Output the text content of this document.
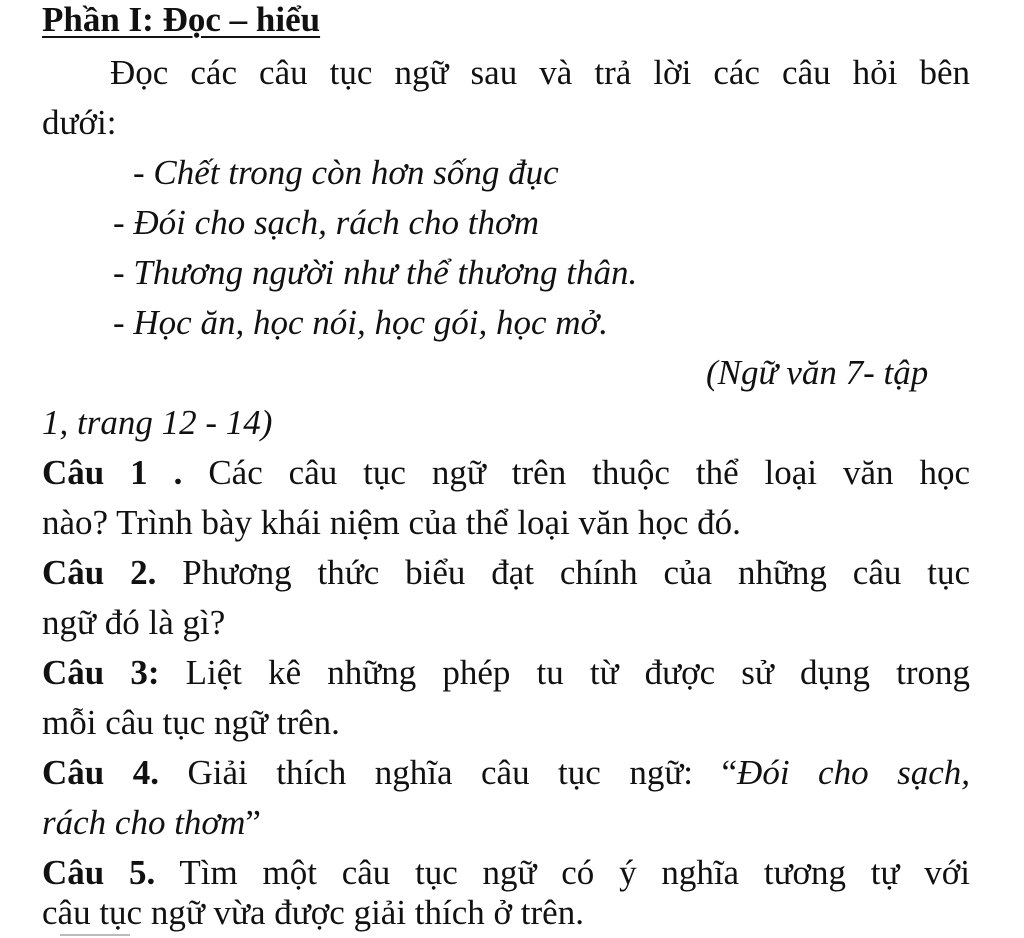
Phần I: Đọc – hiểu
Đọc các câu tục ngữ sau và trả lời các câu hỏi bên
dưới:
- Chết trong còn hơn sống đục
- Đói cho sạch, rách cho thơm
- Thương người như thể thương thân.
- Học ăn, học nói, học gói, học mở.
(Ngữ văn 7- tập
1, trang 12 - 14)
Câu 1 . Các câu tục ngữ trên thuộc thể loại văn học
nào? Trình bày khái niệm của thể loại văn học đó.
Câu 2. Phương thức biểu đạt chính của những câu tục
ngữ đó là gì?
Câu 3: Liệt kê những phép tu từ được sử dụng trong
mỗi câu tục ngữ trên.
Câu 4. Giải thích nghĩa câu tục ngữ: “Đói cho sạch,
rách cho thơm”
Câu 5. Tìm một câu tục ngữ có ý nghĩa tương tự với
câu tục ngữ vừa được giải thích ở trên.
